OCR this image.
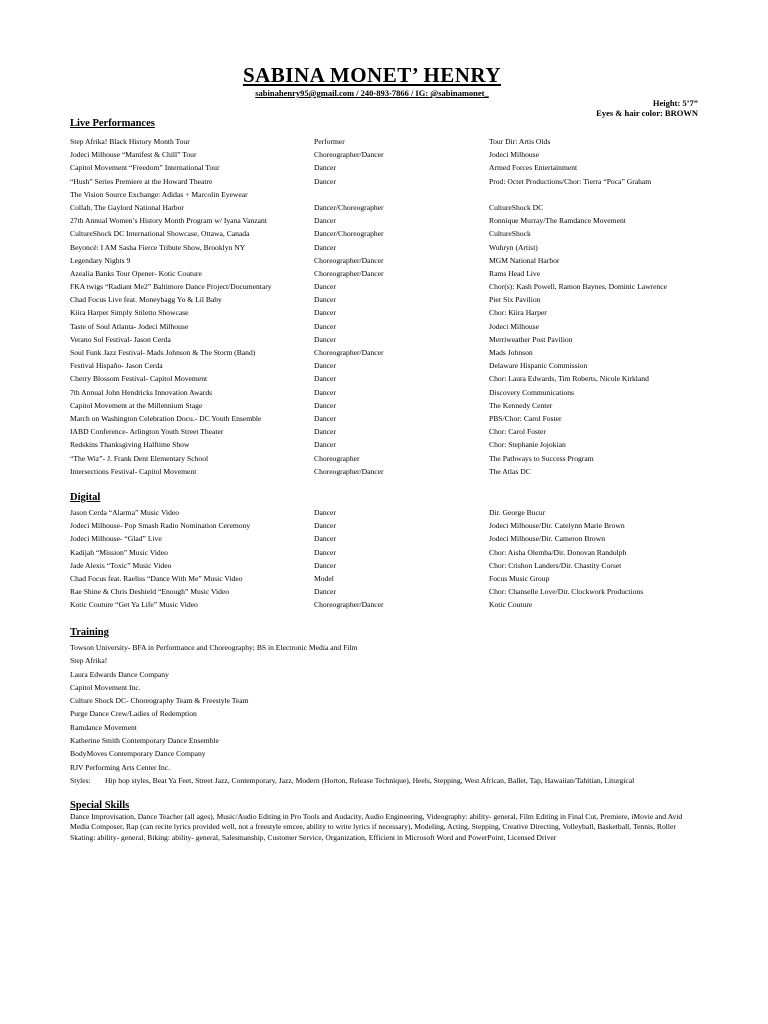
SABINA MONET’ HENRY
sabinahenry95@gmail.com / 240-893-7866 / IG: @sabinamonet_
Height: 5’7”
Eyes & hair color: BROWN
Live Performances
Step Afrika! Black History Month Tour	Performer	Tour Dir: Artis Olds
Jodeci Milhouse “Manifest & Chill” Tour	Choreographer/Dancer	Jodeci Milhouse
Capitol Movement “Freedom” International Tour	Dancer	Armed Forces Entertainment
“Hush” Series Premiere at the Howard Theatre	Dancer	Prod: Octet Productions/Chor: Tierra “Poca” Graham
The Vision Source Exchange: Adidas + Marcolin Eyewear
Collab, The Gaylord National Harbor	Dancer/Choreographer	CultureShock DC
27th Annual Women’s History Month Program w/ Iyana Vanzant	Dancer	Ronnique Murray/The Ramdance Movement
CultureShock DC International Showcase, Ottawa, Canada	Dancer/Choreographer	CultureShock
Beyoncé: I AM Sasha Fierce Tribute Show, Brooklyn NY	Dancer	Wuhryn (Artist)
Legendary Nights 9	Choreographer/Dancer	MGM National Harbor
Azealia Banks Tour Opener- Kotic Couture	Choreographer/Dancer	Rams Head Live
FKA twigs “Radiant Me2” Baltimore Dance Project/Documentary	Dancer	Chor(s): Kash Powell, Ramon Baynes, Dominic Lawrence
Chad Focus Live feat. Moneybagg Yo & Lil Baby	Dancer	Pier Six Pavilion
Kiira Harper Simply Stiletto Showcase	Dancer	Chor: Kiira Harper
Taste of Soul Atlanta- Jodeci Milhouse	Dancer	Jodeci Milhouse
Verano Sol Festival- Jason Cerda	Dancer	Merriweather Post Pavilion
Soul Funk Jazz Festival- Mads Johnson & The Storm (Band)	Choreographer/Dancer	Mads Johnson
Festival Hispaño- Jason Cerda	Dancer	Delaware Hispanic Commission
Cherry Blossom Festival- Capitol Movement	Dancer	Chor: Laura Edwards, Tim Roberts, Nicole Kirkland
7th Annual John Hendricks Innovation Awards	Dancer	Discovery Communications
Capitol Movement at the Millennium Stage	Dancer	The Kennedy Center
March on Washington Celebration Docu.- DC Youth Ensemble	Dancer	PBS/Chor: Carol Foster
IABD Conference- Arlington Youth Street Theater	Dancer	Chor: Carol Foster
Redskins Thanksgiving Halftime Show	Dancer	Chor: Stephanie Jojokian
“The Wiz”- J. Frank Dent Elementary School	Choreographer	The Pathways to Success Program
Intersections Festival- Capitol Movement	Choreographer/Dancer	The Atlas DC
Digital
Jason Cerda “Alarma” Music Video	Dancer	Dir. George Bucur
Jodeci Milhouse- Pop Smash Radio Nomination Ceremony	Dancer	Jodeci Milhouse/Dir. Catelynn Marie Brown
Jodeci Milhouse- “Glad” Live	Dancer	Jodeci Milhouse/Dir. Cameron Brown
Kadijah “Mission” Music Video	Dancer	Chor: Aisha Olemba/Dir. Donovan Randolph
Jade Alexis “Toxic” Music Video	Dancer	Chor: Crishon Landers/Dir. Chastity Corset
Chad Focus feat. Raeliss “Dance With Me” Music Video	Model	Focus Music Group
Rae Shine & Chris Deshield “Enough” Music Video	Dancer	Chor: Chanselle Love/Dir. Clockwork Productions
Kotic Couture “Get Ya Life” Music Video	Choreographer/Dancer	Kotic Couture
Training
Towson University- BFA in Performance and Choreography; BS in Electronic Media and Film
Step Afrika!
Laura Edwards Dance Company
Capitol Movement Inc.
Culture Shock DC- Choreography Team & Freestyle Team
Purge Dance Crew/Ladies of Redemption
Ramdance Movement
Katherine Smith Contemporary Dance Ensemble
BodyMoves Contemporary Dance Company
RJV Performing Arts Center Inc.
Styles: Hip hop styles, Beat Ya Feet, Street Jazz, Contemporary, Jazz, Modern (Horton, Release Technique), Heels, Stepping, West African, Ballet, Tap, Hawaiian/Tahitian, Liturgical
Special Skills
Dance Improvisation, Dance Teacher (all ages), Music/Audio Editing in Pro Tools and Audacity, Audio Engineering, Videography: ability- general, Film Editing in Final Cut, Premiere, iMovie and Avid Media Composer, Rap (can recite lyrics provided well, not a freestyle emcee, ability to write lyrics if necessary), Modeling, Acting, Stepping, Creative Directing, Volleyball, Basketball, Tennis, Roller Skating: ability- general, Biking: ability- general, Salesmanship, Customer Service, Organization, Efficient in Microsoft Word and PowerPoint, Licensed Driver
